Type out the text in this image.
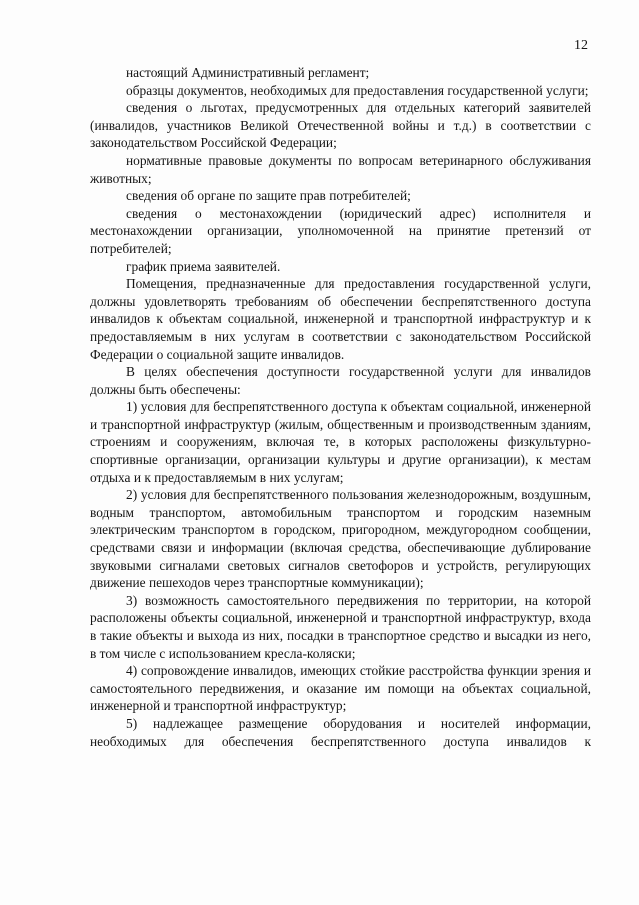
12

настоящий Административный регламент;

образцы документов, необходимых для предоставления государственной услуги;

сведения о льготах, предусмотренных для отдельных категорий заявителей (инвалидов, участников Великой Отечественной войны и т.д.) в соответствии с законодательством Российской Федерации;

нормативные правовые документы по вопросам ветеринарного обслуживания животных;

сведения об органе по защите прав потребителей;

сведения о местонахождении (юридический адрес) исполнителя и местонахождении организации, уполномоченной на принятие претензий от потребителей;

график приема заявителей.

Помещения, предназначенные для предоставления государственной услуги, должны удовлетворять требованиям об обеспечении беспрепятственного доступа инвалидов к объектам социальной, инженерной и транспортной инфраструктур и к предоставляемым в них услугам в соответствии с законодательством Российской Федерации о социальной защите инвалидов.

В целях обеспечения доступности государственной услуги для инвалидов должны быть обеспечены:

1) условия для беспрепятственного доступа к объектам социальной, инженерной и транспортной инфраструктур (жилым, общественным и производственным зданиям, строениям и сооружениям, включая те, в которых расположены физкультурно-спортивные организации, организации культуры и другие организации), к местам отдыха и к предоставляемым в них услугам;

2) условия для беспрепятственного пользования железнодорожным, воздушным, водным транспортом, автомобильным транспортом и городским наземным электрическим транспортом в городском, пригородном, междугородном сообщении, средствами связи и информации (включая средства, обеспечивающие дублирование звуковыми сигналами световых сигналов светофоров и устройств, регулирующих движение пешеходов через транспортные коммуникации);

3) возможность самостоятельного передвижения по территории, на которой расположены объекты социальной, инженерной и транспортной инфраструктур, входа в такие объекты и выхода из них, посадки в транспортное средство и высадки из него, в том числе с использованием кресла-коляски;

4) сопровождение инвалидов, имеющих стойкие расстройства функции зрения и самостоятельного передвижения, и оказание им помощи на объектах социальной, инженерной и транспортной инфраструктур;

5) надлежащее размещение оборудования и носителей информации, необходимых для обеспечения беспрепятственного доступа инвалидов к
